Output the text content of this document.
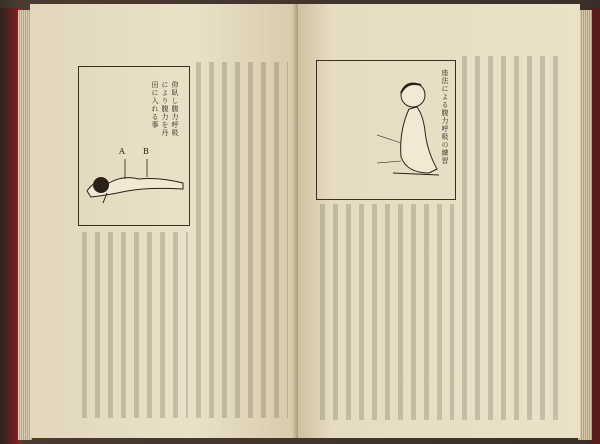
A B
仰臥し腹力呼吸
により腹力を丹
田に入れる事	座法による腹力呼吸の練習
